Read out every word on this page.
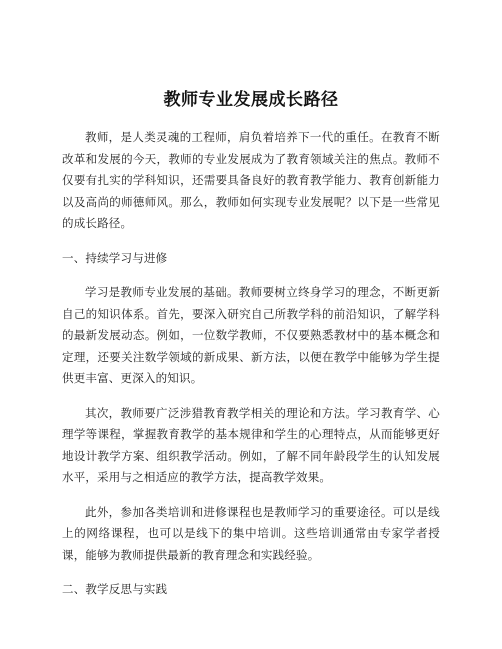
教师专业发展成长路径

教师，是人类灵魂的工程师，肩负着培养下一代的重任。在教育不断改革和发展的今天，教师的专业发展成为了教育领域关注的焦点。教师不仅要有扎实的学科知识，还需要具备良好的教育教学能力、教育创新能力以及高尚的师德师风。那么，教师如何实现专业发展呢？以下是一些常见的成长路径。

一、持续学习与进修

学习是教师专业发展的基础。教师要树立终身学习的理念，不断更新自己的知识体系。首先，要深入研究自己所教学科的前沿知识，了解学科的最新发展动态。例如，一位数学教师，不仅要熟悉教材中的基本概念和定理，还要关注数学领域的新成果、新方法，以便在教学中能够为学生提供更丰富、更深入的知识。

其次，教师要广泛涉猎教育教学相关的理论和方法。学习教育学、心理学等课程，掌握教育教学的基本规律和学生的心理特点，从而能够更好地设计教学方案、组织教学活动。例如，了解不同年龄段学生的认知发展水平，采用与之相适应的教学方法，提高教学效果。

此外，参加各类培训和进修课程也是教师学习的重要途径。可以是线上的网络课程，也可以是线下的集中培训。这些培训通常由专家学者授课，能够为教师提供最新的教育理念和实践经验。

二、教学反思与实践
